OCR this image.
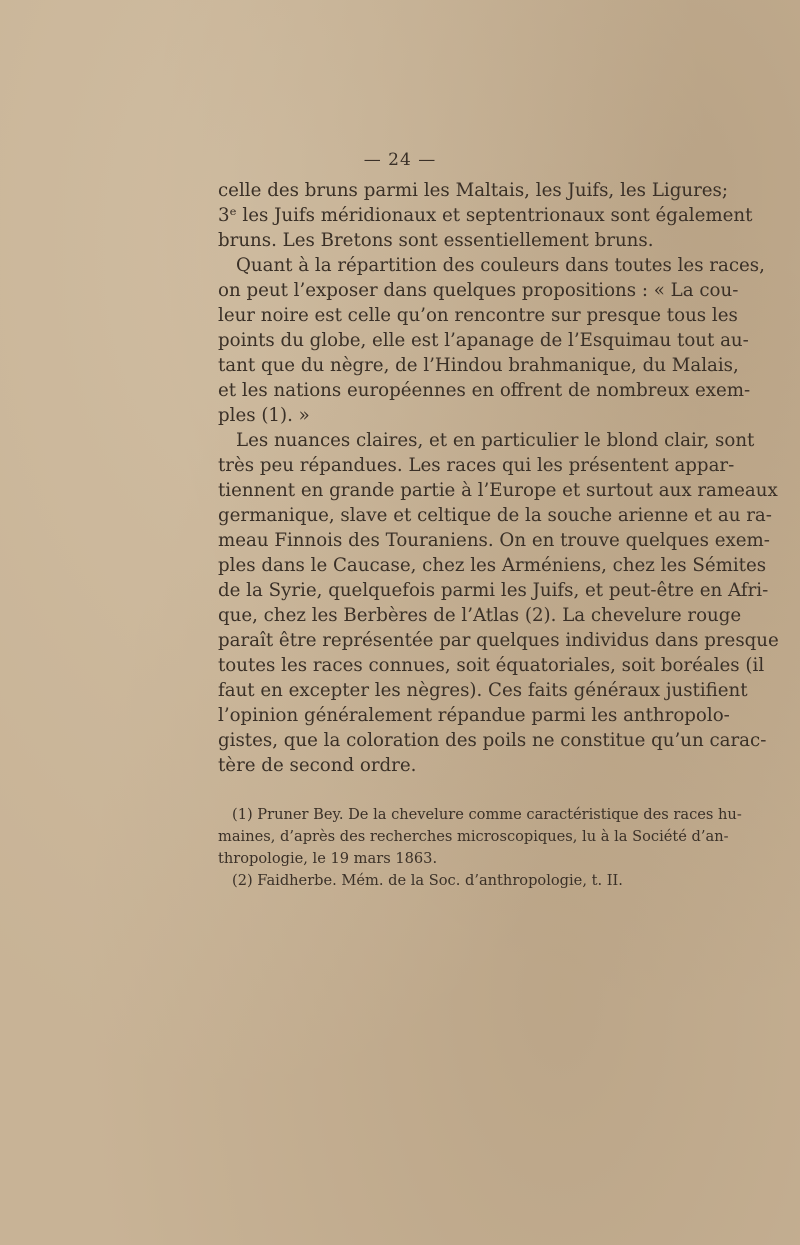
— 24 —
celle des bruns parmi les Maltais, les Juifs, les Ligures;
3ᵉ les Juifs méridionaux et septentrionaux sont également
bruns. Les Bretons sont essentiellement bruns.
Quant à la répartition des couleurs dans toutes les races,
on peut l’exposer dans quelques propositions : « La cou-
leur noire est celle qu’on rencontre sur presque tous les
points du globe, elle est l’apanage de l’Esquimau tout au-
tant que du nègre, de l’Hindou brahmanique, du Malais,
et les nations européennes en offrent de nombreux exem-
ples (1). »
Les nuances claires, et en particulier le blond clair, sont
très peu répandues. Les races qui les présentent appar-
tiennent en grande partie à l’Europe et surtout aux rameaux
germanique, slave et celtique de la souche arienne et au ra-
meau Finnois des Touraniens. On en trouve quelques exem-
ples dans le Caucase, chez les Arméniens, chez les Sémites
de la Syrie, quelquefois parmi les Juifs, et peut-être en Afri-
que, chez les Berbères de l’Atlas (2). La chevelure rouge
paraît être représentée par quelques individus dans presque
toutes les races connues, soit équatoriales, soit boréales (il
faut en excepter les nègres). Ces faits généraux justifient
l’opinion généralement répandue parmi les anthropolo-
gistes, que la coloration des poils ne constitue qu’un carac-
tère de second ordre.
(1) Pruner Bey. De la chevelure comme caractéristique des races hu-
maines, d’après des recherches microscopiques, lu à la Société d’an-
thropologie, le 19 mars 1863.
(2) Faidherbe. Mém. de la Soc. d’anthropologie, t. II.
